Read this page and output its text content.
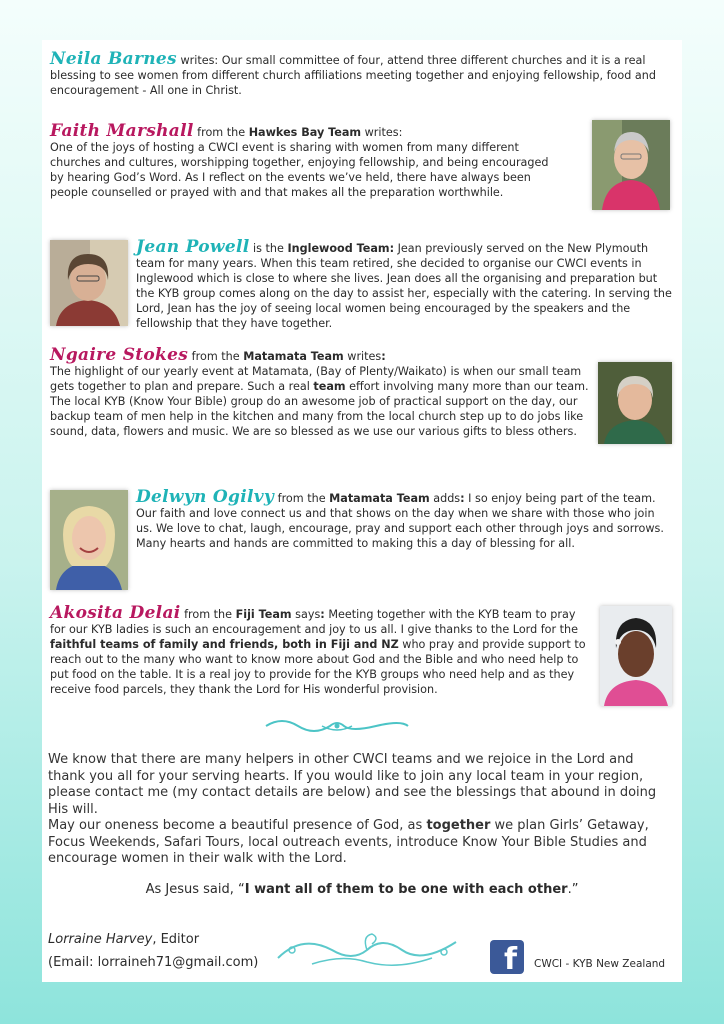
Neila Barnes writes: Our small committee of four, attend three different churches and it is a real blessing to see women from different church affiliations meeting together and enjoying fellowship, food and encouragement - All one in Christ.
Faith Marshall from the Hawkes Bay Team writes:
One of the joys of hosting a CWCI event is sharing with women from many different churches and cultures, worshipping together, enjoying fellowship, and being encouraged by hearing God’s Word. As I reflect on the events we’ve held, there have always been people counselled or prayed with and that makes all the preparation worthwhile.
Jean Powell is the Inglewood Team: Jean previously served on the New Plymouth team for many years. When this team retired, she decided to organise our CWCI events in Inglewood which is close to where she lives. Jean does all the organising and preparation but the KYB group comes along on the day to assist her, especially with the catering. In serving the Lord, Jean has the joy of seeing local women being encouraged by the speakers and the fellowship that they have together.
Ngaire Stokes from the Matamata Team writes:
The highlight of our yearly event at Matamata, (Bay of Plenty/Waikato) is when our small team gets together to plan and prepare. Such a real team effort involving many more than our team. The local KYB (Know Your Bible) group do an awesome job of practical support on the day, our backup team of men help in the kitchen and many from the local church step up to do jobs like sound, data, flowers and music. We are so blessed as we use our various gifts to bless others.
Delwyn Ogilvy from the Matamata Team adds: I so enjoy being part of the team. Our faith and love connect us and that shows on the day when we share with those who join us. We love to chat, laugh, encourage, pray and support each other through joys and sorrows. Many hearts and hands are committed to making this a day of blessing for all.
Akosita Delai from the Fiji Team says: Meeting together with the KYB team to pray for our KYB ladies is such an encouragement and joy to us all. I give thanks to the Lord for the faithful teams of family and friends, both in Fiji and NZ who pray and provide support to reach out to the many who want to know more about God and the Bible and who need help to put food on the table. It is a real joy to provide for the KYB groups who need help and as they receive food parcels, they thank the Lord for His wonderful provision.
We know that there are many helpers in other CWCI teams and we rejoice in the Lord and thank you all for your serving hearts. If you would like to join any local team in your region, please contact me (my contact details are below) and see the blessings that abound in doing His will.
May our oneness become a beautiful presence of God, as together we plan Girls’ Getaway, Focus Weekends, Safari Tours, local outreach events, introduce Know Your Bible Studies and encourage women in their walk with the Lord.
As Jesus said, “I want all of them to be one with each other.”
Lorraine Harvey, Editor
(Email: lorraineh71@gmail.com)	f CWCI - KYB New Zealand
